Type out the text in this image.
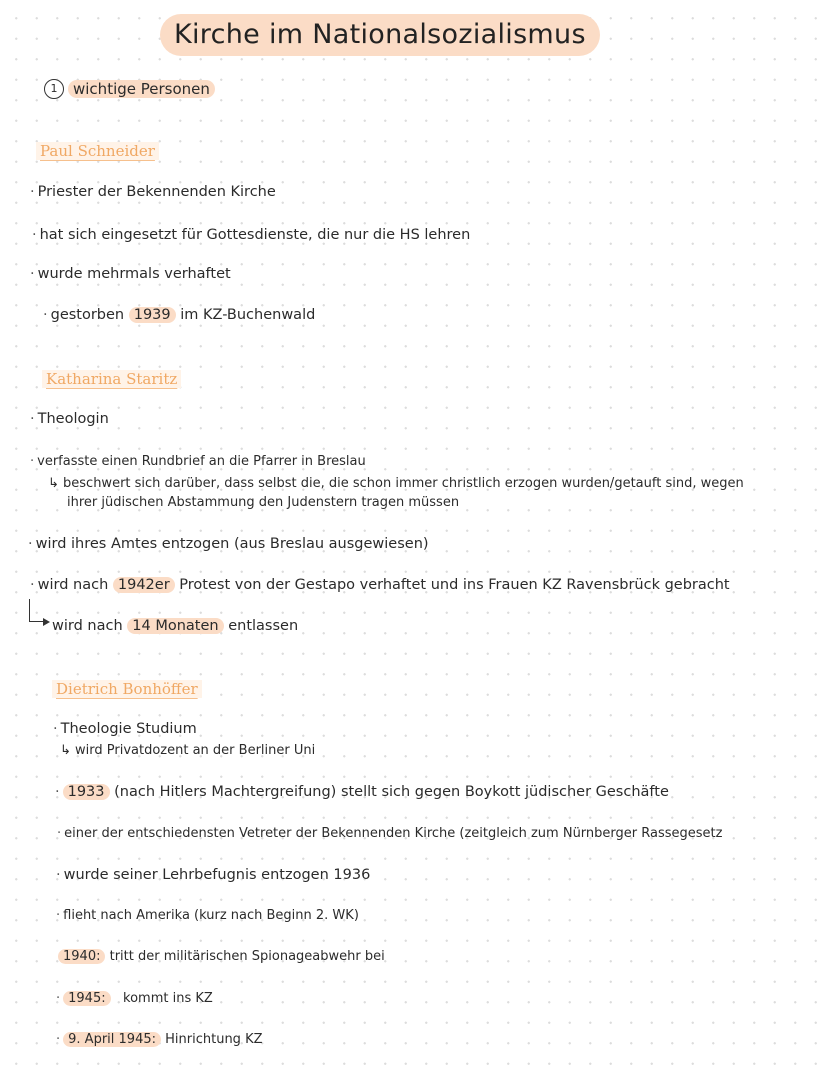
Kirche im Nationalsozialismus
1	wichtige Personen
Paul Schneider
· Priester der Bekennenden Kirche
· hat sich eingesetzt für Gottesdienste, die nur die HS lehren
· wurde mehrmals verhaftet
· gestorben 1939 im KZ-Buchenwald
Katharina Staritz
· Theologin
· verfasste einen Rundbrief an die Pfarrer in Breslau
↳ beschwert sich darüber, dass selbst die, die schon immer christlich erzogen wurden/getauft sind, wegen
ihrer jüdischen Abstammung den Judenstern tragen müssen
· wird ihres Amtes entzogen (aus Breslau ausgewiesen)
· wird nach 1942er Protest von der Gestapo verhaftet und ins Frauen KZ Ravensbrück gebracht
wird nach 14 Monaten entlassen
Dietrich Bonhöffer
· Theologie Studium
↳ wird Privatdozent an der Berliner Uni
· 1933 (nach Hitlers Machtergreifung) stellt sich gegen Boykott jüdischer Geschäfte
· einer der entschiedensten Vetreter der Bekennenden Kirche (zeitgleich zum Nürnberger Rassegesetz
· wurde seiner Lehrbefugnis entzogen 1936
· flieht nach Amerika (kurz nach Beginn 2. WK)
1940: tritt der militärischen Spionageabwehr bei
· 1945: kommt ins KZ
· 9. April 1945: Hinrichtung KZ
